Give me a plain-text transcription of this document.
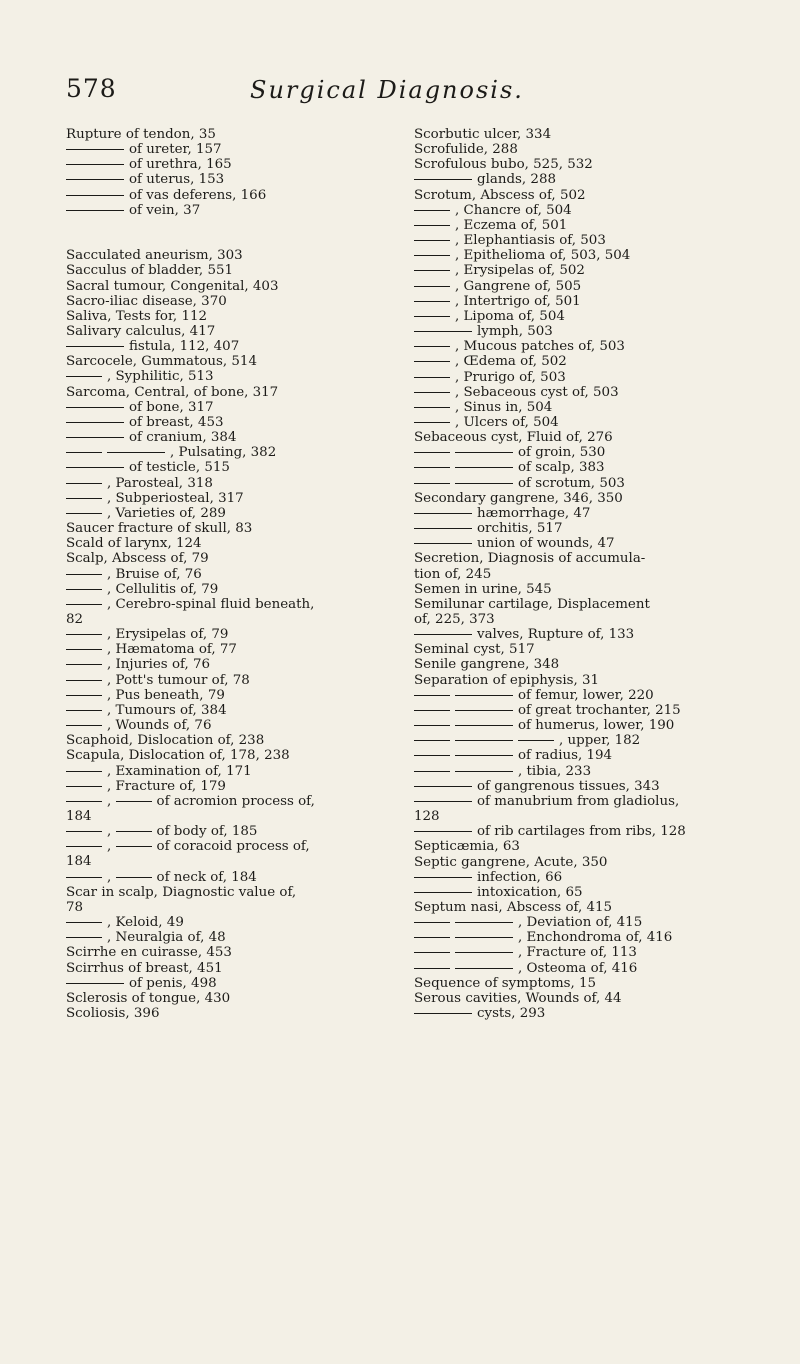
578	Surgical Diagnosis.
Rupture of tendon, 35
of ureter, 157
of urethra, 165
of uterus, 153
of vas deferens, 166
of vein, 37
Sacculated aneurism, 303
Sacculus of bladder, 551
Sacral tumour, Congenital, 403
Sacro-iliac disease, 370
Saliva, Tests for, 112
Salivary calculus, 417
fistula, 112, 407
Sarcocele, Gummatous, 514
, Syphilitic, 513
Sarcoma, Central, of bone, 317
of bone, 317
of breast, 453
of cranium, 384
, Pulsating, 382
of testicle, 515
, Parosteal, 318
, Subperiosteal, 317
, Varieties of, 289
Saucer fracture of skull, 83
Scald of larynx, 124
Scalp, Abscess of, 79
, Bruise of, 76
, Cellulitis of, 79
, Cerebro-spinal fluid beneath,
82
, Erysipelas of, 79
, Hæmatoma of, 77
, Injuries of, 76
, Pott's tumour of, 78
, Pus beneath, 79
, Tumours of, 384
, Wounds of, 76
Scaphoid, Dislocation of, 238
Scapula, Dislocation of, 178, 238
, Examination of, 171
, Fracture of, 179
,	of acromion process of,
184
,	of body of, 185
,	of coracoid process of,
184
,	of neck of, 184
Scar in scalp, Diagnostic value of,
78
, Keloid, 49
, Neuralgia of, 48
Scirrhe en cuirasse, 453
Scirrhus of breast, 451
of penis, 498
Sclerosis of tongue, 430
Scoliosis, 396
Scorbutic ulcer, 334
Scrofulide, 288
Scrofulous bubo, 525, 532
glands, 288
Scrotum, Abscess of, 502
, Chancre of, 504
, Eczema of, 501
, Elephantiasis of, 503
, Epithelioma of, 503, 504
, Erysipelas of, 502
, Gangrene of, 505
, Intertrigo of, 501
, Lipoma of, 504
lymph, 503
, Mucous patches of, 503
, Œdema of, 502
, Prurigo of, 503
, Sebaceous cyst of, 503
, Sinus in, 504
, Ulcers of, 504
Sebaceous cyst, Fluid of, 276
of groin, 530
of scalp, 383
of scrotum, 503
Secondary gangrene, 346, 350
hæmorrhage, 47
orchitis, 517
union of wounds, 47
Secretion, Diagnosis of accumula-
tion of, 245
Semen in urine, 545
Semilunar cartilage, Displacement
of, 225, 373
valves, Rupture of, 133
Seminal cyst, 517
Senile gangrene, 348
Separation of epiphysis, 31
of femur, lower, 220
of great trochanter, 215
of humerus, lower, 190
, upper, 182
of radius, 194
, tibia, 233
of gangrenous tissues, 343
of manubrium from gladiolus,
128
of rib cartilages from ribs, 128
Septicæmia, 63
Septic gangrene, Acute, 350
infection, 66
intoxication, 65
Septum nasi, Abscess of, 415
, Deviation of, 415
, Enchondroma of, 416
, Fracture of, 113
, Osteoma of, 416
Sequence of symptoms, 15
Serous cavities, Wounds of, 44
cysts, 293
